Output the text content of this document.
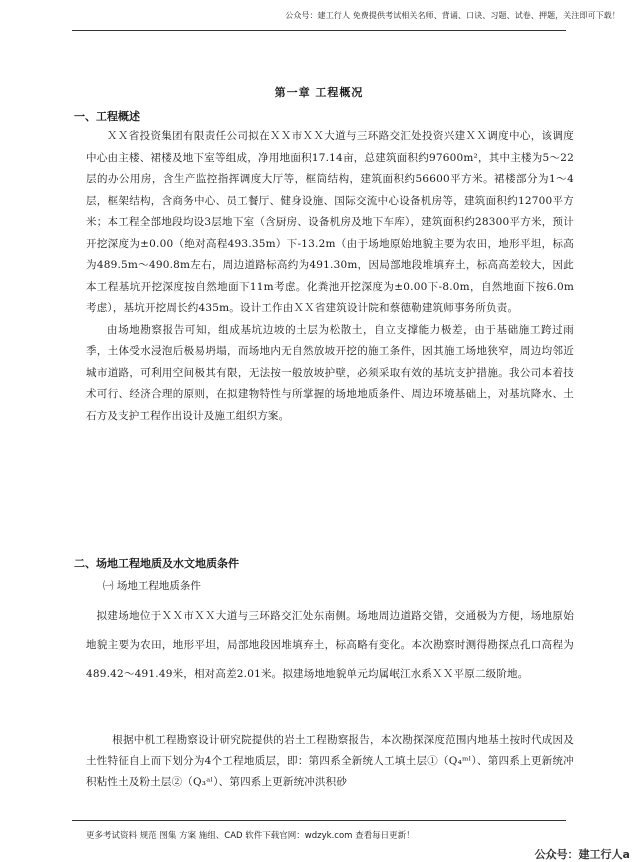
公众号：建工行人 免费提供考试相关名师、背诵、口诀、习题、试卷、押题，关注即可下载！
第一章 工程概况
一、工程概述

ＸＸ省投资集团有限责任公司拟在ＸＸ市ＸＸ大道与三环路交汇处投资兴建ＸＸ调度中心，该调度中心由主楼、裙楼及地下室等组成，净用地面积17.14亩，总建筑面积约97600m²，其中主楼为5～22层的办公用房，含生产监控指挥调度大厅等，框筒结构，建筑面积约56600平方米。裙楼部分为1～4层，框架结构，含商务中心、员工餐厅、健身设施、国际交流中心设备机房等，建筑面积约12700平方米；本工程全部地段均设3层地下室（含厨房、设备机房及地下车库），建筑面积约28300平方米，预计开挖深度为±0.00（绝对高程493.35m）下-13.2m（由于场地原始地貌主要为农田，地形平坦，标高为489.5m～490.8m左右，周边道路标高约为491.30m，因局部地段堆填弃土，标高高差较大，因此本工程基坑开挖深度按自然地面下11m考虑。化粪池开挖深度为±0.00下-8.0m，自然地面下按6.0m考虑），基坑开挖周长约435m。设计工作由ＸＸ省建筑设计院和蔡德勒建筑师事务所负责。

由场地勘察报告可知，组成基坑边坡的土层为松散土，自立支撑能力极差，由于基础施工跨过雨季，土体受水浸泡后极易坍塌，而场地内无自然放坡开挖的施工条件，因其施工场地狭窄，周边均邻近城市道路，可利用空间极其有限，无法按一般放坡护壁，必须采取有效的基坑支护措施。我公司本着技术可行、经济合理的原则，在拟建物特性与所掌握的场地地质条件、周边环境基础上，对基坑降水、土石方及支护工程作出设计及施工组织方案。

二、场地工程地质及水文地质条件
㈠ 场地工程地质条件

拟建场地位于ＸＸ市ＸＸ大道与三环路交汇处东南侧。场地周边道路交错，交通极为方便，场地原始地貌主要为农田，地形平坦，局部地段因堆填弃土，标高略有变化。本次勘察时测得勘探点孔口高程为489.42～491.49米，相对高差2.01米。拟建场地地貌单元均属岷江水系ＸＸ平原二级阶地。

根据中机工程勘察设计研究院提供的岩土工程勘察报告，本次勘探深度范围内地基土按时代成因及土性特征自上而下划分为4个工程地质层，即：第四系全新统人工填土层①（Q₄ᵐˡ）、第四系上更新统冲积粘性土及粉土层②（Q₃ᵃˡ）、第四系上更新统冲洪积砂

更多考试资料 规范 图集 方案 施组、CAD 软件下载官网：wdzyk.com 查看每日更新！
公众号：建工行人a
